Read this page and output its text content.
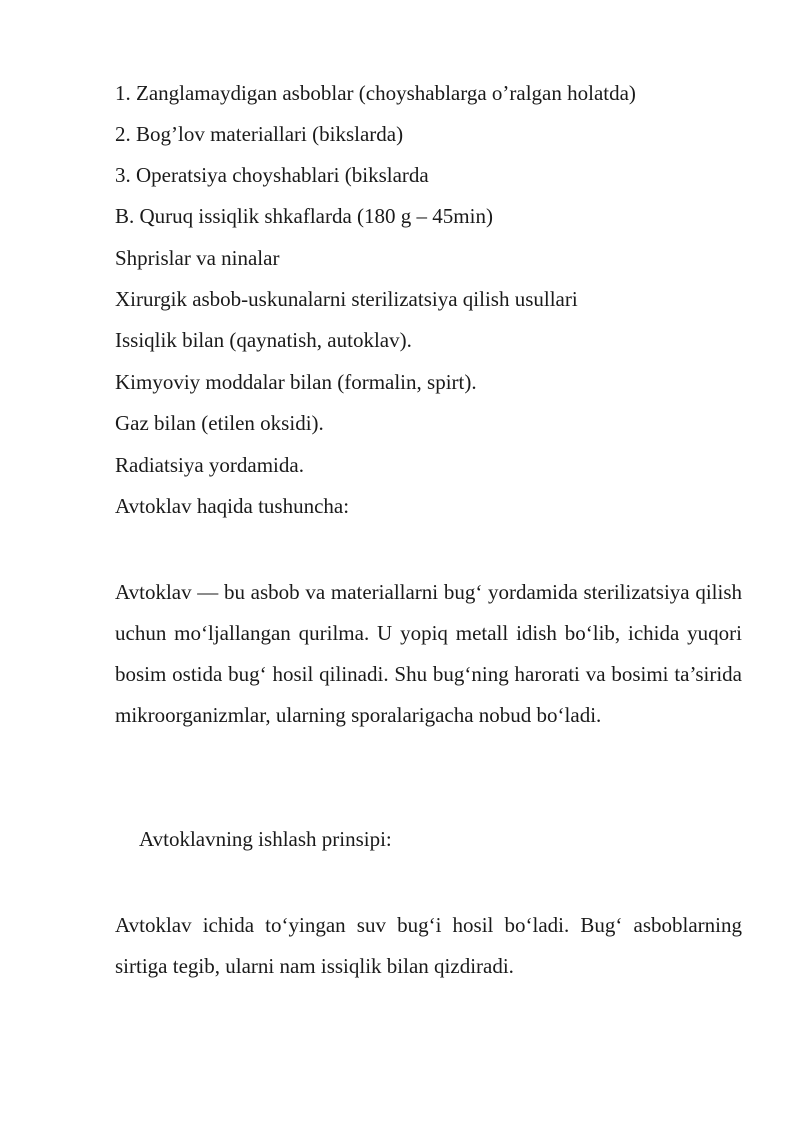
1. Zanglamaydigan asboblar (choyshablarga o’ralgan holatda)
2. Bog’lov materiallari (bikslarda)
3. Operatsiya choyshablari (bikslarda
B. Quruq issiqlik shkaflarda (180 g – 45min)
Shprislar va ninalar
Xirurgik asbob-uskunalarni sterilizatsiya qilish usullari
Issiqlik bilan (qaynatish, autoklav).
Kimyoviy moddalar bilan (formalin, spirt).
Gaz bilan (etilen oksidi).
Radiatsiya yordamida.
Avtoklav haqida tushuncha:

Avtoklav — bu asbob va materiallarni bug‘ yordamida sterilizatsiya qilish uchun mo‘ljallangan qurilma. U yopiq metall idish bo‘lib, ichida yuqori bosim ostida bug‘ hosil qilinadi. Shu bug‘ning harorati va bosimi ta’sirida mikroorganizmlar, ularning sporalarigacha nobud bo‘ladi.

Avtoklavning ishlash prinsipi:

Avtoklav ichida to‘yingan suv bug‘i hosil bo‘ladi. Bug‘ asboblarning sirtiga tegib, ularni nam issiqlik bilan qizdiradi.
